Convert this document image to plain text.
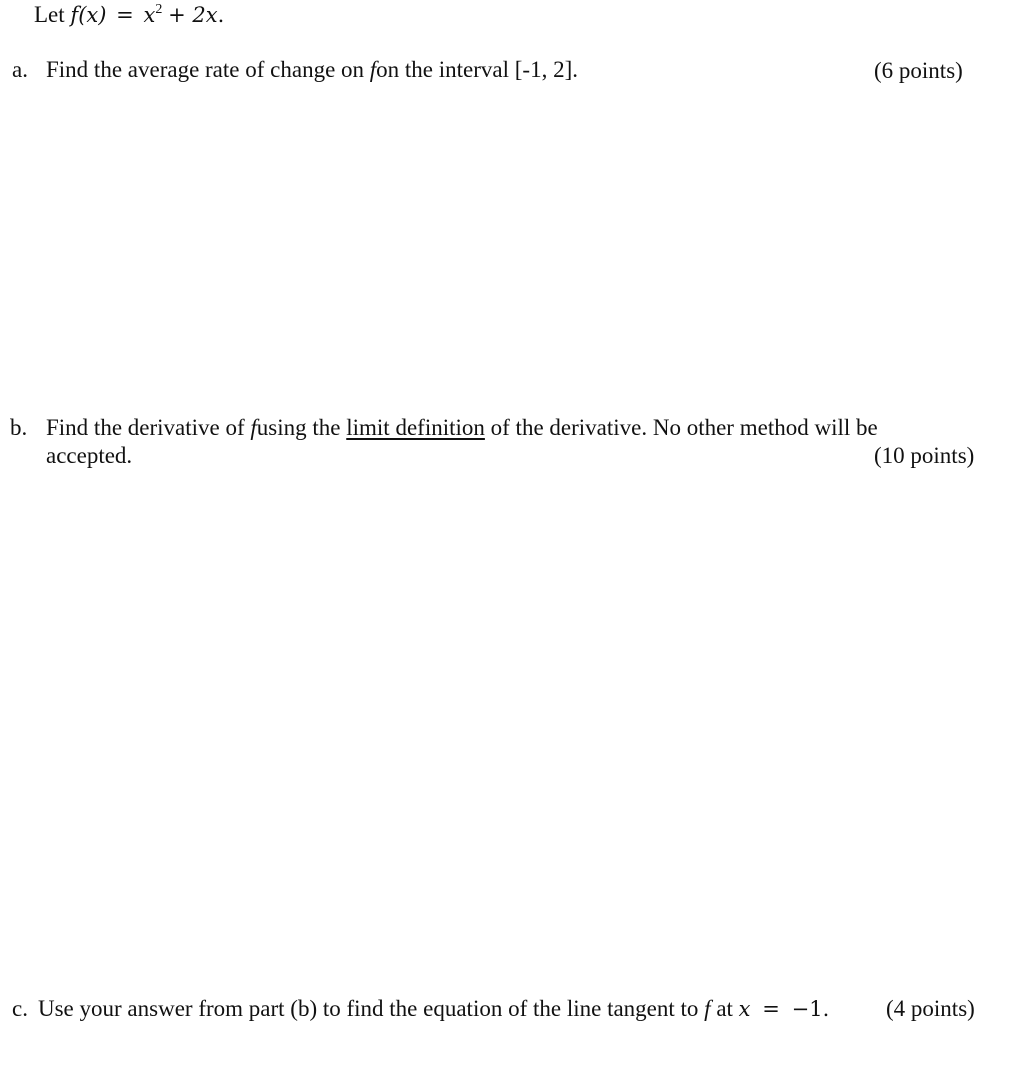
Let $f(x) = x^2 + 2x$.
a. Find the average rate of change on fon the interval [-1, 2].	(6 points)
b. Find the derivative of fusing the limit definition of the derivative. No other method will be
accepted.	(10 points)
c. Use your answer from part (b) to find the equation of the line tangent to f at x = −1. (4 points)
